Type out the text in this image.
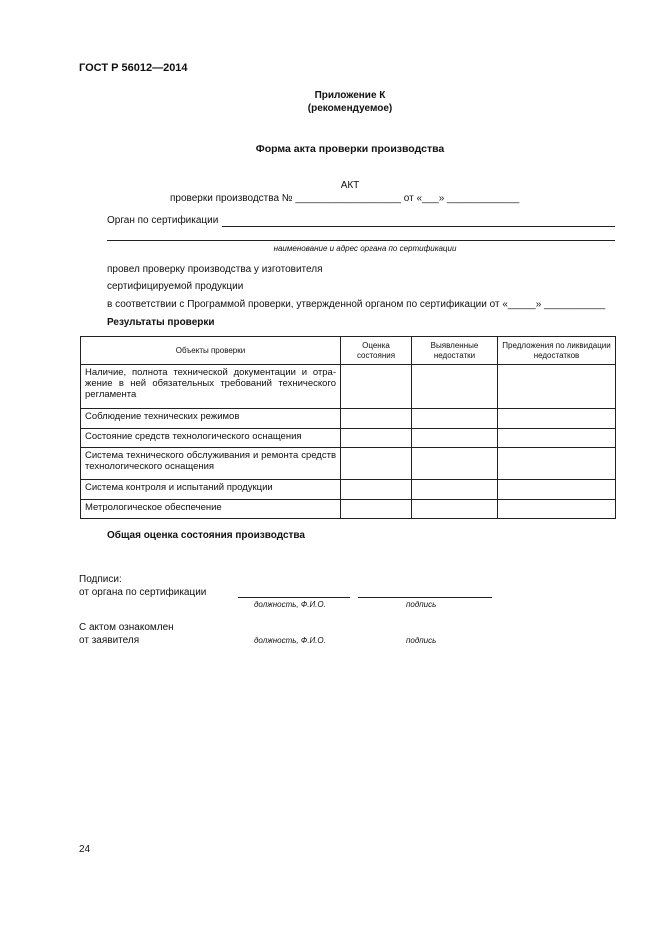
ГОСТ Р 56012—2014
Приложение К
(рекомендуемое)
Форма акта проверки производства
АКТ
проверки производства № ___________________ от «___» _____________
Орган по сертификации
наименование и адрес органа по сертификации
провел проверку производства у изготовителя
сертифицируемой продукции
в соответствии с Программой проверки, утвержденной органом по сертификации от «_____» ___________
Результаты проверки
Объекты проверки	Оценка состояния	Выявленные недостатки	Предложения по ликвидации недостатков
Наличие, полнота технической документации и отражение в ней обязательных требований технического регламента			
Соблюдение технических режимов			
Состояние средств технологического оснащения			
Система технического обслуживания и ремонта средств технологического оснащения			
Система контроля и испытаний продукции			
Метрологическое обеспечение			
Общая оценка состояния производства
Подписи:
от органа по сертификации
должность, Ф.И.О.	подпись
С актом ознакомлен
от заявителя	должность, Ф.И.О.	подпись
24
